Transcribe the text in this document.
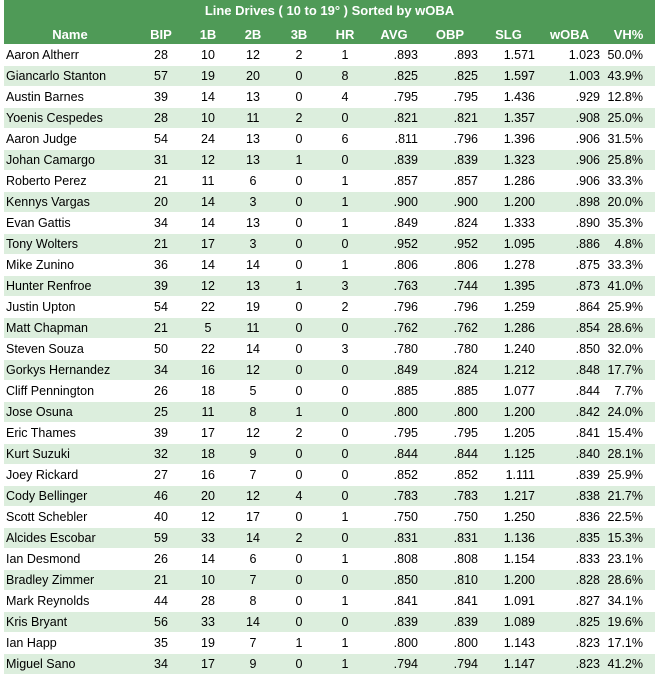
Line Drives ( 10 to 19° ) Sorted by wOBA
Name	BIP	1B	2B	3B	HR	AVG	OBP	SLG	wOBA	VH%
Aaron Altherr	28	10	12	2	1	.893	.893	1.571	1.023	50.0%
Giancarlo Stanton	57	19	20	0	8	.825	.825	1.597	1.003	43.9%
Austin Barnes	39	14	13	0	4	.795	.795	1.436	.929	12.8%
Yoenis Cespedes	28	10	11	2	0	.821	.821	1.357	.908	25.0%
Aaron Judge	54	24	13	0	6	.811	.796	1.396	.906	31.5%
Johan Camargo	31	12	13	1	0	.839	.839	1.323	.906	25.8%
Roberto Perez	21	11	6	0	1	.857	.857	1.286	.906	33.3%
Kennys Vargas	20	14	3	0	1	.900	.900	1.200	.898	20.0%
Evan Gattis	34	14	13	0	1	.849	.824	1.333	.890	35.3%
Tony Wolters	21	17	3	0	0	.952	.952	1.095	.886	4.8%
Mike Zunino	36	14	14	0	1	.806	.806	1.278	.875	33.3%
Hunter Renfroe	39	12	13	1	3	.763	.744	1.395	.873	41.0%
Justin Upton	54	22	19	0	2	.796	.796	1.259	.864	25.9%
Matt Chapman	21	5	11	0	0	.762	.762	1.286	.854	28.6%
Steven Souza	50	22	14	0	3	.780	.780	1.240	.850	32.0%
Gorkys Hernandez	34	16	12	0	0	.849	.824	1.212	.848	17.7%
Cliff Pennington	26	18	5	0	0	.885	.885	1.077	.844	7.7%
Jose Osuna	25	11	8	1	0	.800	.800	1.200	.842	24.0%
Eric Thames	39	17	12	2	0	.795	.795	1.205	.841	15.4%
Kurt Suzuki	32	18	9	0	0	.844	.844	1.125	.840	28.1%
Joey Rickard	27	16	7	0	0	.852	.852	1.111	.839	25.9%
Cody Bellinger	46	20	12	4	0	.783	.783	1.217	.838	21.7%
Scott Schebler	40	12	17	0	1	.750	.750	1.250	.836	22.5%
Alcides Escobar	59	33	14	2	0	.831	.831	1.136	.835	15.3%
Ian Desmond	26	14	6	0	1	.808	.808	1.154	.833	23.1%
Bradley Zimmer	21	10	7	0	0	.850	.810	1.200	.828	28.6%
Mark Reynolds	44	28	8	0	1	.841	.841	1.091	.827	34.1%
Kris Bryant	56	33	14	0	0	.839	.839	1.089	.825	19.6%
Ian Happ	35	19	7	1	1	.800	.800	1.143	.823	17.1%
Miguel Sano	34	17	9	0	1	.794	.794	1.147	.823	41.2%
